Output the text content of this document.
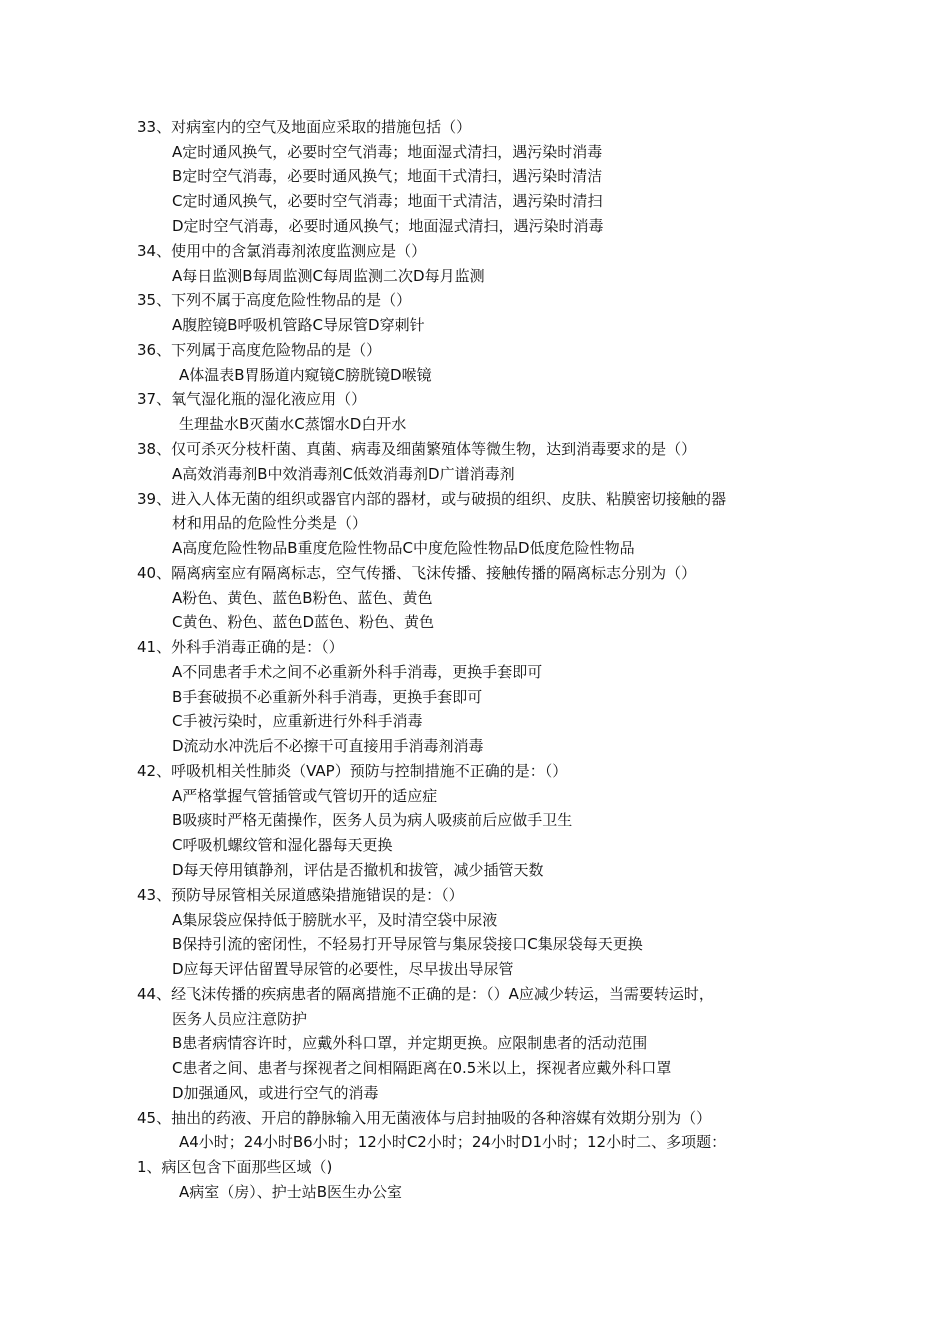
33、对病室内的空气及地面应采取的措施包括（）
A定时通风换气，必要时空气消毒；地面湿式清扫，遇污染时消毒
B定时空气消毒，必要时通风换气；地面干式清扫，遇污染时清洁
C定时通风换气，必要时空气消毒；地面干式清洁，遇污染时清扫
D定时空气消毒，必要时通风换气；地面湿式清扫，遇污染时消毒
34、使用中的含氯消毒剂浓度监测应是（）
A每日监测B每周监测C每周监测二次D每月监测
35、下列不属于高度危险性物品的是（）
A腹腔镜B呼吸机管路C导尿管D穿刺针
36、下列属于高度危险物品的是（）
A体温表B胃肠道内窥镜C膀胱镜D喉镜
37、氧气湿化瓶的湿化液应用（）
生理盐水B灭菌水C蒸馏水D白开水
38、仅可杀灭分枝杆菌、真菌、病毒及细菌繁殖体等微生物，达到消毒要求的是（）
A高效消毒剂B中效消毒剂C低效消毒剂D广谱消毒剂
39、进入人体无菌的组织或器官内部的器材，或与破损的组织、皮肤、粘膜密切接触的器
材和用品的危险性分类是（）
A高度危险性物品B重度危险性物品C中度危险性物品D低度危险性物品
40、隔离病室应有隔离标志，空气传播、飞沫传播、接触传播的隔离标志分别为（）
A粉色、黄色、蓝色B粉色、蓝色、黄色
C黄色、粉色、蓝色D蓝色、粉色、黄色
41、外科手消毒正确的是：（）
A不同患者手术之间不必重新外科手消毒，更换手套即可
B手套破损不必重新外科手消毒，更换手套即可
C手被污染时，应重新进行外科手消毒
D流动水冲洗后不必擦干可直接用手消毒剂消毒
42、呼吸机相关性肺炎（VAP）预防与控制措施不正确的是：（）
A严格掌握气管插管或气管切开的适应症
B吸痰时严格无菌操作，医务人员为病人吸痰前后应做手卫生
C呼吸机螺纹管和湿化器每天更换
D每天停用镇静剂，评估是否撤机和拔管，减少插管天数
43、预防导尿管相关尿道感染措施错误的是：（）
A集尿袋应保持低于膀胱水平，及时清空袋中尿液
B保持引流的密闭性，不轻易打开导尿管与集尿袋接口C集尿袋每天更换
D应每天评估留置导尿管的必要性，尽早拔出导尿管
44、经飞沫传播的疾病患者的隔离措施不正确的是：（）A应减少转运，当需要转运时，
医务人员应注意防护
B患者病情容许时，应戴外科口罩，并定期更换。应限制患者的活动范围
C患者之间、患者与探视者之间相隔距离在0.5米以上，探视者应戴外科口罩
D加强通风，或进行空气的消毒
45、抽出的药液、开启的静脉输入用无菌液体与启封抽吸的各种溶媒有效期分别为（）
A4小时；24小时B6小时；12小时C2小时；24小时D1小时；12小时二、多项题：
1、病区包含下面那些区域（)
A病室（房）、护士站B医生办公室
